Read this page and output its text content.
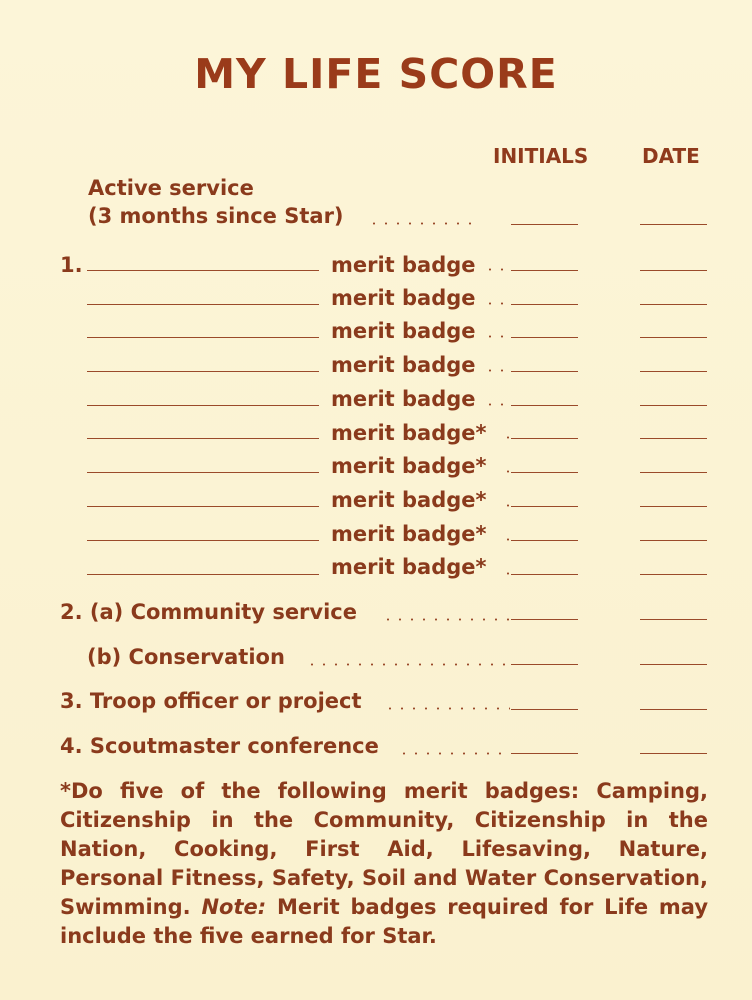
MY LIFE SCORE
INITIALS	DATE
Active service
(3 months since Star)
1.	merit badge
merit badge
merit badge
merit badge
merit badge
merit badge*
merit badge*
merit badge*
merit badge*
merit badge*
2. (a) Community service
(b) Conservation
3. Troop officer or project
4. Scoutmaster conference
*Do five of the following merit badges: Camping, Citizenship in the Community, Citizenship in the Nation, Cooking, First Aid, Lifesaving, Nature, Personal Fitness, Safety, Soil and Water Conservation, Swimming. Note: Merit badges required for Life may include the five earned for Star.
